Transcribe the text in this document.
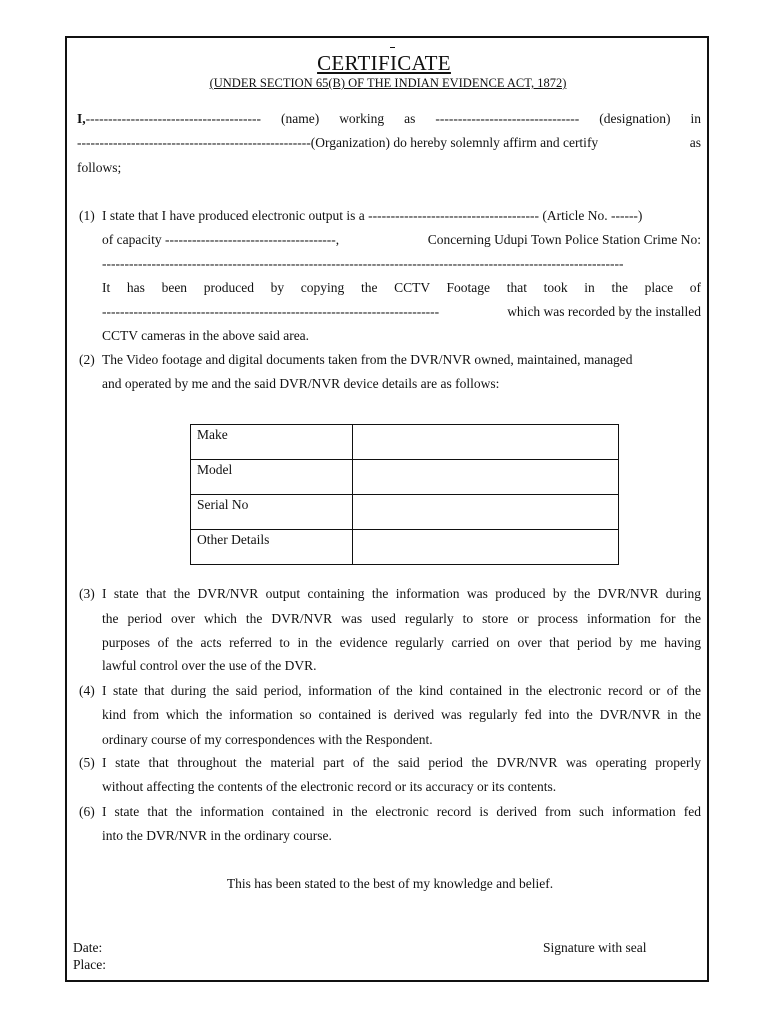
CERTIFICATE
(UNDER SECTION 65(B) OF THE INDIAN EVIDENCE ACT, 1872)
I,--------------------------------------- (name) working as -------------------------------- (designation) in
----------------------------------------------------(Organization) do hereby solemnly affirm and certify	as
follows;
(1) I state that I have produced electronic output is a -------------------------------------- (Article No. ------)
of capacity --------------------------------------,	Concerning Udupi Town Police Station Crime No:
--------------------------------------------------------------------------------------------------------------------
It has been produced by copying the CCTV Footage that took in the place of
---------------------------------------------------------------------------	which was recorded by the installed
CCTV cameras in the above said area.
(2) The Video footage and digital documents taken from the DVR/NVR owned, maintained, managed
and operated by me and the said DVR/NVR device details are as follows:
Make	
Model	
Serial No	
Other Details	
(3) I state that the DVR/NVR output containing the information was produced by the DVR/NVR during
the period over which the DVR/NVR was used regularly to store or process information for the
purposes of the acts referred to in the evidence regularly carried on over that period by me having
lawful control over the use of the DVR.
(4) I state that during the said period, information of the kind contained in the electronic record or of the
kind from which the information so contained is derived was regularly fed into the DVR/NVR in the
ordinary course of my correspondences with the Respondent.
(5) I state that throughout the material part of the said period the DVR/NVR was operating properly
without affecting the contents of the electronic record or its accuracy or its contents.
(6) I state that the information contained in the electronic record is derived from such information fed
into the DVR/NVR in the ordinary course.
This has been stated to the best of my knowledge and belief.
Date:
Place:
Signature with seal
